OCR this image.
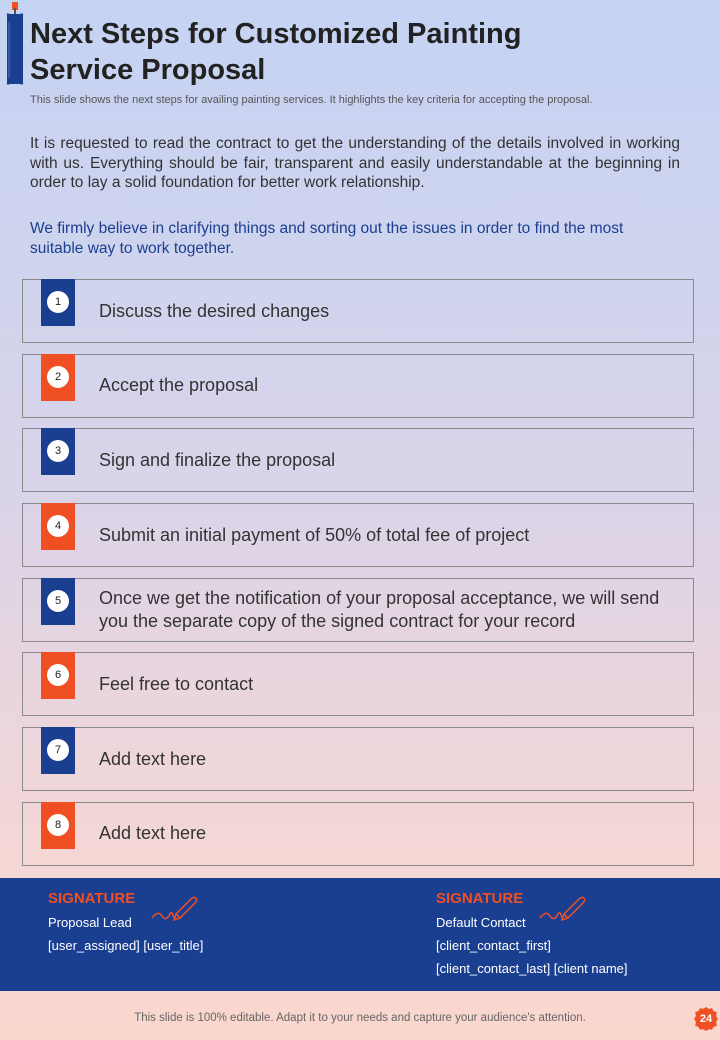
Next Steps for Customized Painting Service Proposal
This slide shows the next steps for availing painting services. It highlights the key criteria for accepting the proposal.

It is requested to read the contract to get the understanding of the details involved in working with us. Everything should be fair, transparent and easily understandable at the beginning in order to lay a solid foundation for better work relationship.

We firmly believe in clarifying things and sorting out the issues in order to find the most suitable way to work together.

1	Discuss the desired changes
2	Accept the proposal
3	Sign and finalize the proposal
4	Submit an initial payment of 50% of total fee of project
5	Once we get the notification of your proposal acceptance, we will send you the separate copy of the signed contract for your record
6	Feel free to contact
7	Add text here
8	Add text here
SIGNATURE
Proposal Lead
[user_assigned] [user_title]
SIGNATURE
Default Contact
[client_contact_first]
[client_contact_last] [client name]
This slide is 100% editable. Adapt it to your needs and capture your audience's attention.	24
